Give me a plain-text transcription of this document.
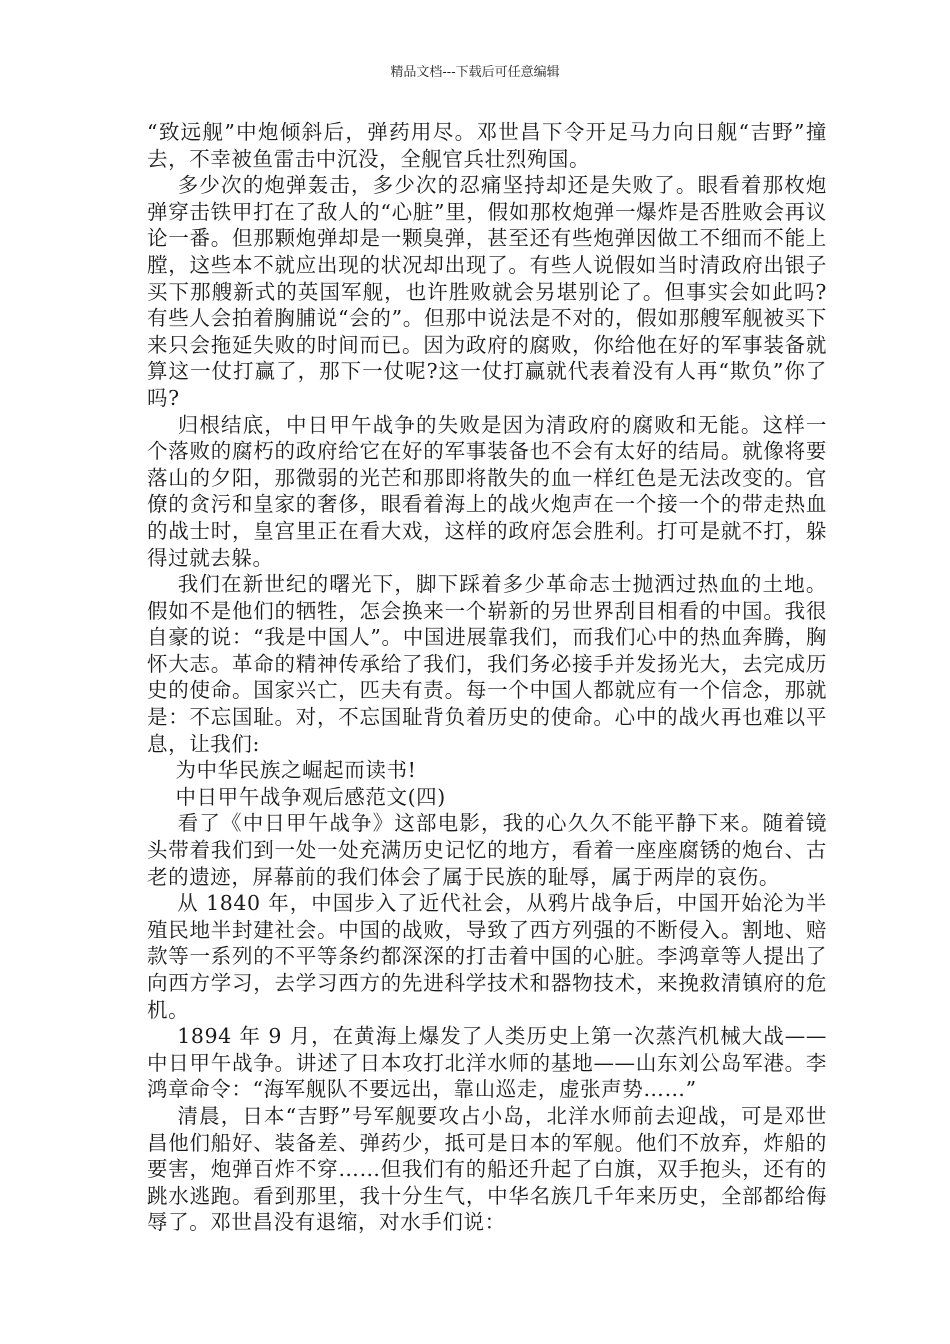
精品文档---下载后可任意编辑

“致远舰”中炮倾斜后，弹药用尽。邓世昌下令开足马力向日舰“吉野”撞去，不幸被鱼雷击中沉没，全舰官兵壮烈殉国。

多少次的炮弹轰击，多少次的忍痛坚持却还是失败了。眼看着那枚炮弹穿击铁甲打在了敌人的“心脏”里，假如那枚炮弹一爆炸是否胜败会再议论一番。但那颗炮弹却是一颗臭弹，甚至还有些炮弹因做工不细而不能上膛，这些本不就应出现的状况却出现了。有些人说假如当时清政府出银子买下那艘新式的英国军舰，也许胜败就会另堪别论了。但事实会如此吗?有些人会拍着胸脯说“会的”。但那中说法是不对的，假如那艘军舰被买下来只会拖延失败的时间而已。因为政府的腐败，你给他在好的军事装备就算这一仗打赢了，那下一仗呢?这一仗打赢就代表着没有人再“欺负”你了吗?

归根结底，中日甲午战争的失败是因为清政府的腐败和无能。这样一个落败的腐朽的政府给它在好的军事装备也不会有太好的结局。就像将要落山的夕阳，那微弱的光芒和那即将散失的血一样红色是无法改变的。官僚的贪污和皇家的奢侈，眼看着海上的战火炮声在一个接一个的带走热血的战士时，皇宫里正在看大戏，这样的政府怎会胜利。打可是就不打，躲得过就去躲。

我们在新世纪的曙光下，脚下踩着多少革命志士抛洒过热血的土地。假如不是他们的牺牲，怎会换来一个崭新的另世界刮目相看的中国。我很自豪的说：“我是中国人”。中国进展靠我们，而我们心中的热血奔腾，胸怀大志。革命的精神传承给了我们，我们务必接手并发扬光大，去完成历史的使命。国家兴亡，匹夫有责。每一个中国人都就应有一个信念，那就是：不忘国耻。对，不忘国耻背负着历史的使命。心中的战火再也难以平息，让我们:

为中华民族之崛起而读书!

中日甲午战争观后感范文(四)

看了《中日甲午战争》这部电影，我的心久久不能平静下来。随着镜头带着我们到一处一处充满历史记忆的地方，看着一座座腐锈的炮台、古老的遗迹，屏幕前的我们体会了属于民族的耻辱，属于两岸的哀伤。

从 1840 年，中国步入了近代社会，从鸦片战争后，中国开始沦为半殖民地半封建社会。中国的战败，导致了西方列强的不断侵入。割地、赔款等一系列的不平等条约都深深的打击着中国的心脏。李鸿章等人提出了向西方学习，去学习西方的先进科学技术和器物技术，来挽救清镇府的危机。

1894 年 9 月，在黄海上爆发了人类历史上第一次蒸汽机械大战——中日甲午战争。讲述了日本攻打北洋水师的基地——山东刘公岛军港。李鸿章命令：“海军舰队不要远出，靠山巡走，虚张声势……”

清晨，日本“吉野”号军舰要攻占小岛，北洋水师前去迎战，可是邓世昌他们船好、装备差、弹药少，抵可是日本的军舰。他们不放弃，炸船的要害，炮弹百炸不穿……但我们有的船还升起了白旗，双手抱头，还有的跳水逃跑。看到那里，我十分生气，中华名族几千年来历史，全部都给侮辱了。邓世昌没有退缩，对水手们说：
